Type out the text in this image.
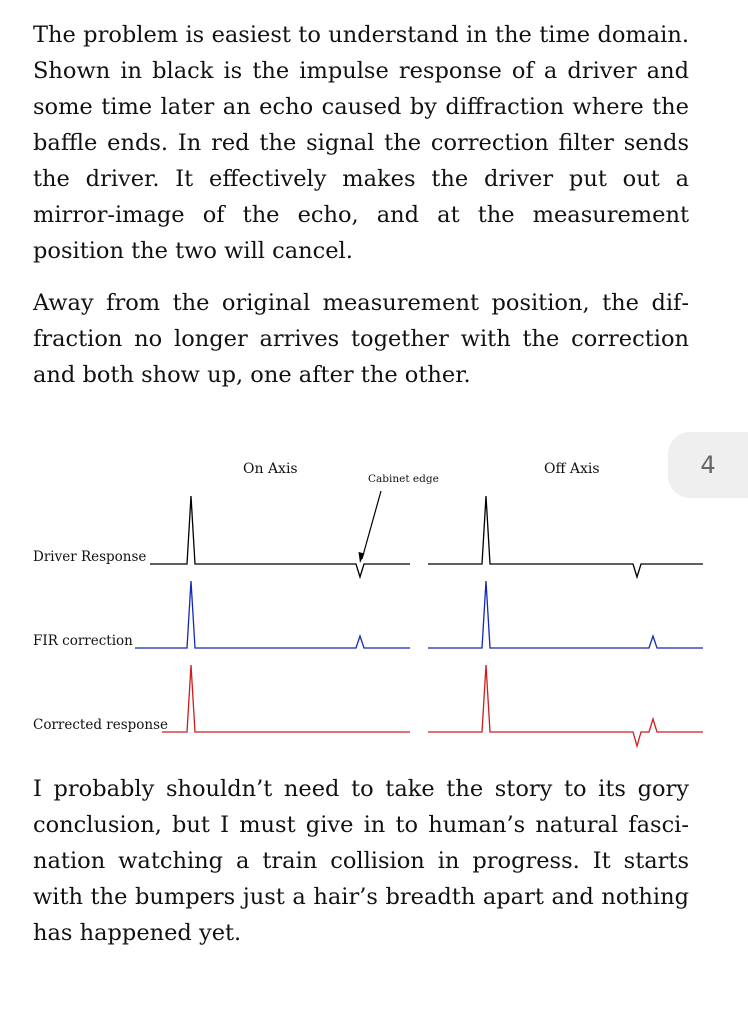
The problem is easiest to understand in the time domain. Shown in black is the impulse response of a driver and some time later an echo caused by diffraction where the baffle ends. In red the signal the correction filter sends the driver. It effectively makes the driver put out a mirror-image of the echo, and at the measurement position the two will cancel.

Away from the original measurement position, the diffraction no longer arrives together with the correction and both show up, one after the other.

On Axis	Off Axis
Cabinet edge
Driver Response
FIR correction
Corrected response

I probably shouldn’t need to take the story to its gory conclusion, but I must give in to human’s natural fascination watching a train collision in progress. It starts with the bumpers just a hair’s breadth apart and nothing has happened yet.

4
